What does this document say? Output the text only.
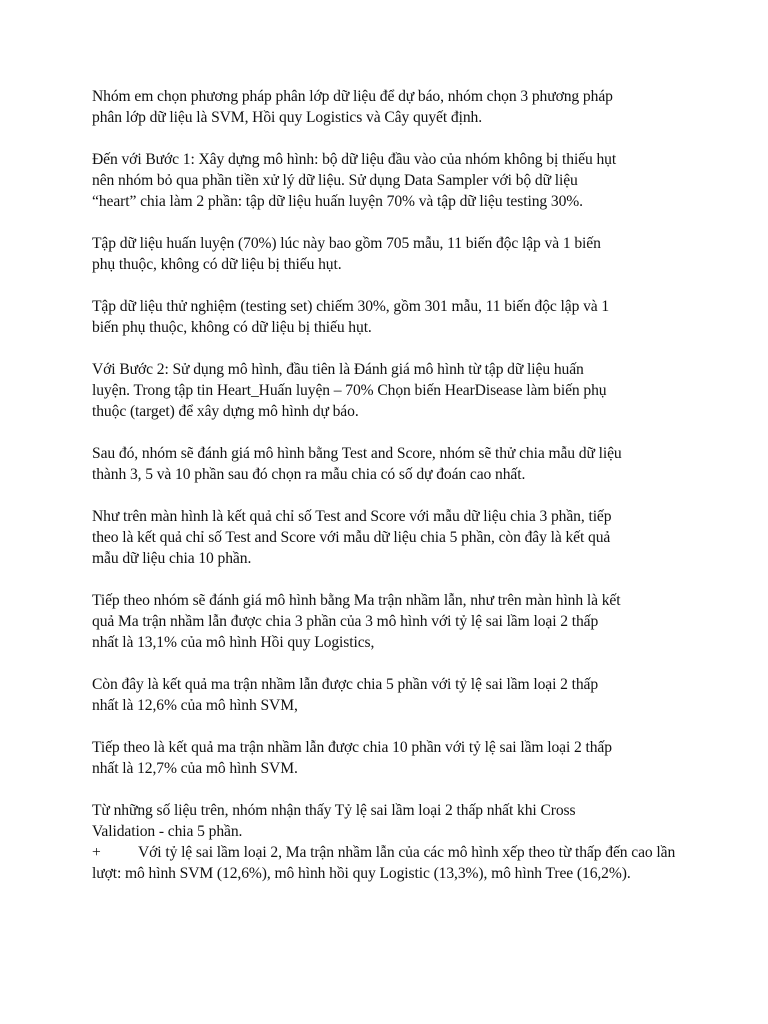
Nhóm em chọn phương pháp phân lớp dữ liệu để dự báo, nhóm chọn 3 phương pháp
phân lớp dữ liệu là SVM, Hồi quy Logistics và Cây quyết định.

Đến với Bước 1: Xây dựng mô hình: bộ dữ liệu đầu vào của nhóm không bị thiếu hụt
nên nhóm bỏ qua phần tiền xử lý dữ liệu. Sử dụng Data Sampler với bộ dữ liệu
“heart” chia làm 2 phần: tập dữ liệu huấn luyện 70% và tập dữ liệu testing 30%.

Tập dữ liệu huấn luyện (70%) lúc này bao gồm 705 mẫu, 11 biến độc lập và 1 biến
phụ thuộc, không có dữ liệu bị thiếu hụt.

Tập dữ liệu thử nghiệm (testing set) chiếm 30%, gồm 301 mẫu, 11 biến độc lập và 1
biến phụ thuộc, không có dữ liệu bị thiếu hụt.

Với Bước 2: Sử dụng mô hình, đầu tiên là Đánh giá mô hình từ tập dữ liệu huấn
luyện. Trong tập tin Heart_Huấn luyện – 70% Chọn biến HearDisease làm biến phụ
thuộc (target) để xây dựng mô hình dự báo.

Sau đó, nhóm sẽ đánh giá mô hình bằng Test and Score, nhóm sẽ thử chia mẫu dữ liệu
thành 3, 5 và 10 phần sau đó chọn ra mẫu chia có số dự đoán cao nhất.

Như trên màn hình là kết quả chỉ số Test and Score với mẫu dữ liệu chia 3 phần, tiếp
theo là kết quả chỉ số Test and Score với mẫu dữ liệu chia 5 phần, còn đây là kết quả
mẫu dữ liệu chia 10 phần.

Tiếp theo nhóm sẽ đánh giá mô hình bằng Ma trận nhầm lẫn, như trên màn hình là kết
quả Ma trận nhầm lẫn được chia 3 phần của 3 mô hình với tỷ lệ sai lầm loại 2 thấp
nhất là 13,1% của mô hình Hồi quy Logistics,

Còn đây là kết quả ma trận nhầm lẫn được chia 5 phần với tỷ lệ sai lầm loại 2 thấp
nhất là 12,6% của mô hình SVM,

Tiếp theo là kết quả ma trận nhầm lẫn được chia 10 phần với tỷ lệ sai lầm loại 2 thấp
nhất là 12,7% của mô hình SVM.

Từ những số liệu trên, nhóm nhận thấy Tỷ lệ sai lầm loại 2 thấp nhất khi Cross
Validation - chia 5 phần.

+	Với tỷ lệ sai lầm loại 2, Ma trận nhầm lẫn của các mô hình xếp theo từ thấp đến cao lần lượt: mô hình SVM (12,6%), mô hình hồi quy Logistic (13,3%), mô hình Tree (16,2%).
